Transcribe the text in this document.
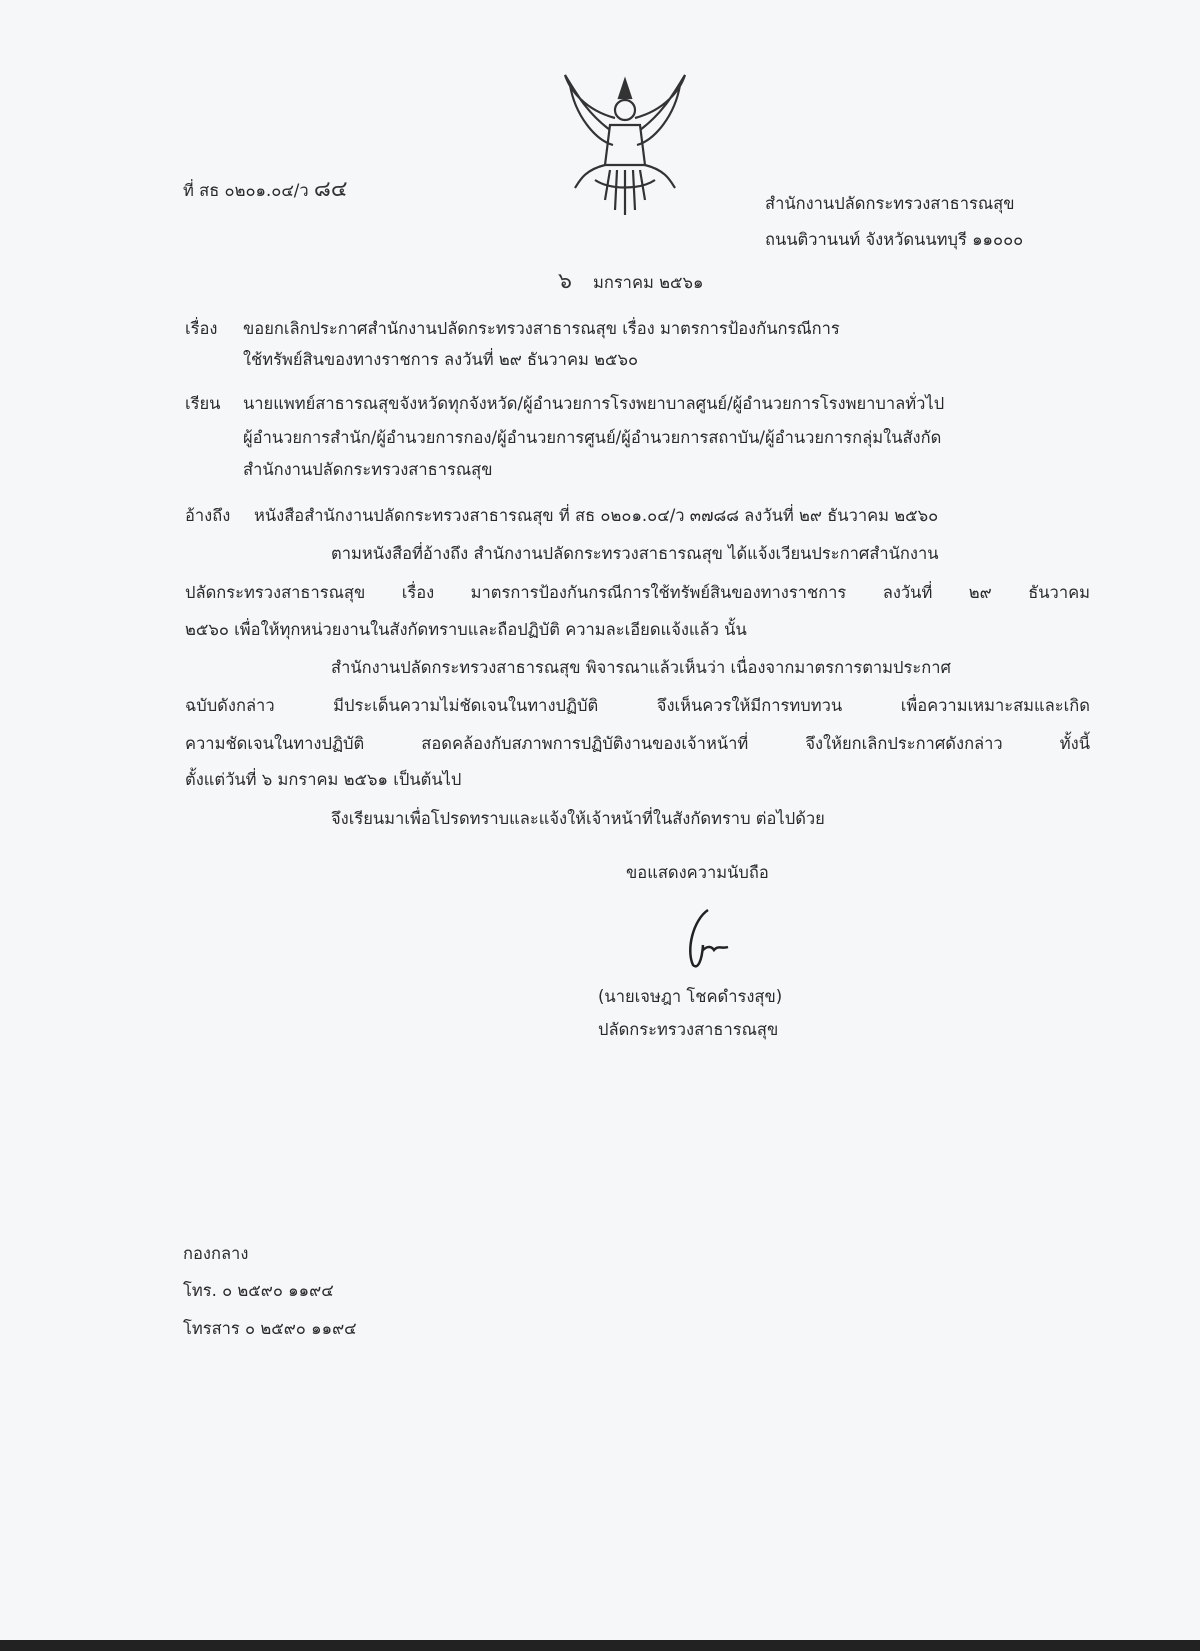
ที่ สธ ๐๒๐๑.๐๔/ว ๘๔
สำนักงานปลัดกระทรวงสาธารณสุข
ถนนติวานนท์ จังหวัดนนทบุรี ๑๑๐๐๐
๖ มกราคม ๒๕๖๑
เรื่อง ขอยกเลิกประกาศสำนักงานปลัดกระทรวงสาธารณสุข เรื่อง มาตรการป้องกันกรณีการ
ใช้ทรัพย์สินของทางราชการ ลงวันที่ ๒๙ ธันวาคม ๒๕๖๐
เรียน นายแพทย์สาธารณสุขจังหวัดทุกจังหวัด/ผู้อำนวยการโรงพยาบาลศูนย์/ผู้อำนวยการโรงพยาบาลทั่วไป
ผู้อำนวยการสำนัก/ผู้อำนวยการกอง/ผู้อำนวยการศูนย์/ผู้อำนวยการสถาบัน/ผู้อำนวยการกลุ่มในสังกัด
สำนักงานปลัดกระทรวงสาธารณสุข
อ้างถึง หนังสือสำนักงานปลัดกระทรวงสาธารณสุข ที่ สธ ๐๒๐๑.๐๔/ว ๓๗๘๘ ลงวันที่ ๒๙ ธันวาคม ๒๕๖๐
ตามหนังสือที่อ้างถึง สำนักงานปลัดกระทรวงสาธารณสุข ได้แจ้งเวียนประกาศสำนักงาน
ปลัดกระทรวงสาธารณสุข เรื่อง มาตรการป้องกันกรณีการใช้ทรัพย์สินของทางราชการ ลงวันที่ ๒๙ ธันวาคม
๒๕๖๐ เพื่อให้ทุกหน่วยงานในสังกัดทราบและถือปฏิบัติ ความละเอียดแจ้งแล้ว นั้น
สำนักงานปลัดกระทรวงสาธารณสุข พิจารณาแล้วเห็นว่า เนื่องจากมาตรการตามประกาศ
ฉบับดังกล่าว มีประเด็นความไม่ชัดเจนในทางปฏิบัติ จึงเห็นควรให้มีการทบทวน เพื่อความเหมาะสมและเกิด
ความชัดเจนในทางปฏิบัติ สอดคล้องกับสภาพการปฏิบัติงานของเจ้าหน้าที่ จึงให้ยกเลิกประกาศดังกล่าว ทั้งนี้
ตั้งแต่วันที่ ๖ มกราคม ๒๕๖๑ เป็นต้นไป
จึงเรียนมาเพื่อโปรดทราบและแจ้งให้เจ้าหน้าที่ในสังกัดทราบ ต่อไปด้วย
ขอแสดงความนับถือ
(นายเจษฎา โชคดำรงสุข)
ปลัดกระทรวงสาธารณสุข
กองกลาง
โทร. ๐ ๒๕๙๐ ๑๑๙๔
โทรสาร ๐ ๒๕๙๐ ๑๑๙๔
